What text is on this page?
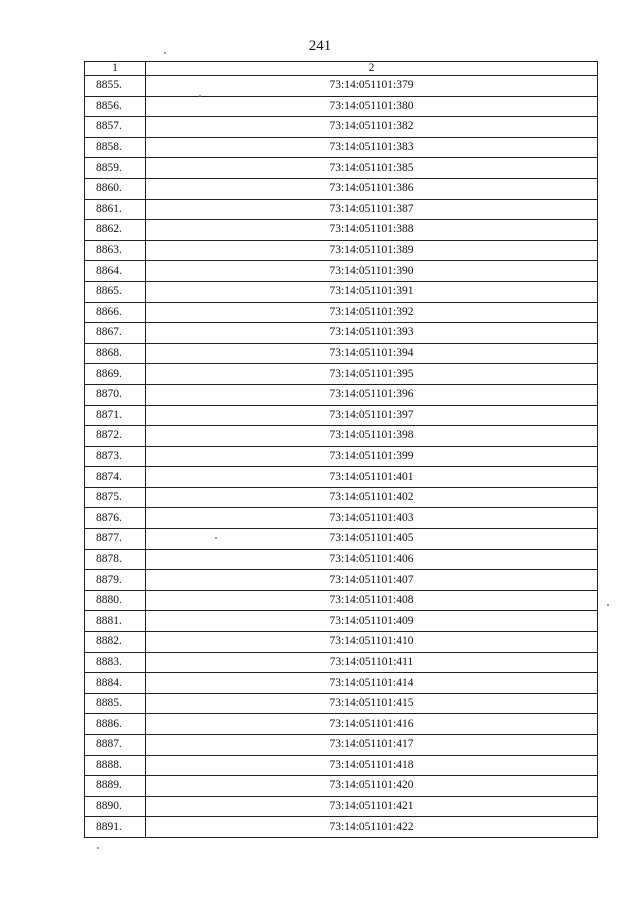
241
1	2
8855.	73:14:051101:379
8856.	73:14:051101:380
8857.	73:14:051101:382
8858.	73:14:051101:383
8859.	73:14:051101:385
8860.	73:14:051101:386
8861.	73:14:051101:387
8862.	73:14:051101:388
8863.	73:14:051101:389
8864.	73:14:051101:390
8865.	73:14:051101:391
8866.	73:14:051101:392
8867.	73:14:051101:393
8868.	73:14:051101:394
8869.	73:14:051101:395
8870.	73:14:051101:396
8871.	73:14:051101:397
8872.	73:14:051101:398
8873.	73:14:051101:399
8874.	73:14:051101:401
8875.	73:14:051101:402
8876.	73:14:051101:403
8877.	73:14:051101:405
8878.	73:14:051101:406
8879.	73:14:051101:407
8880.	73:14:051101:408
8881.	73:14:051101:409
8882.	73:14:051101:410
8883.	73:14:051101:411
8884.	73:14:051101:414
8885.	73:14:051101:415
8886.	73:14:051101:416
8887.	73:14:051101:417
8888.	73:14:051101:418
8889.	73:14:051101:420
8890.	73:14:051101:421
8891.	73:14:051101:422
